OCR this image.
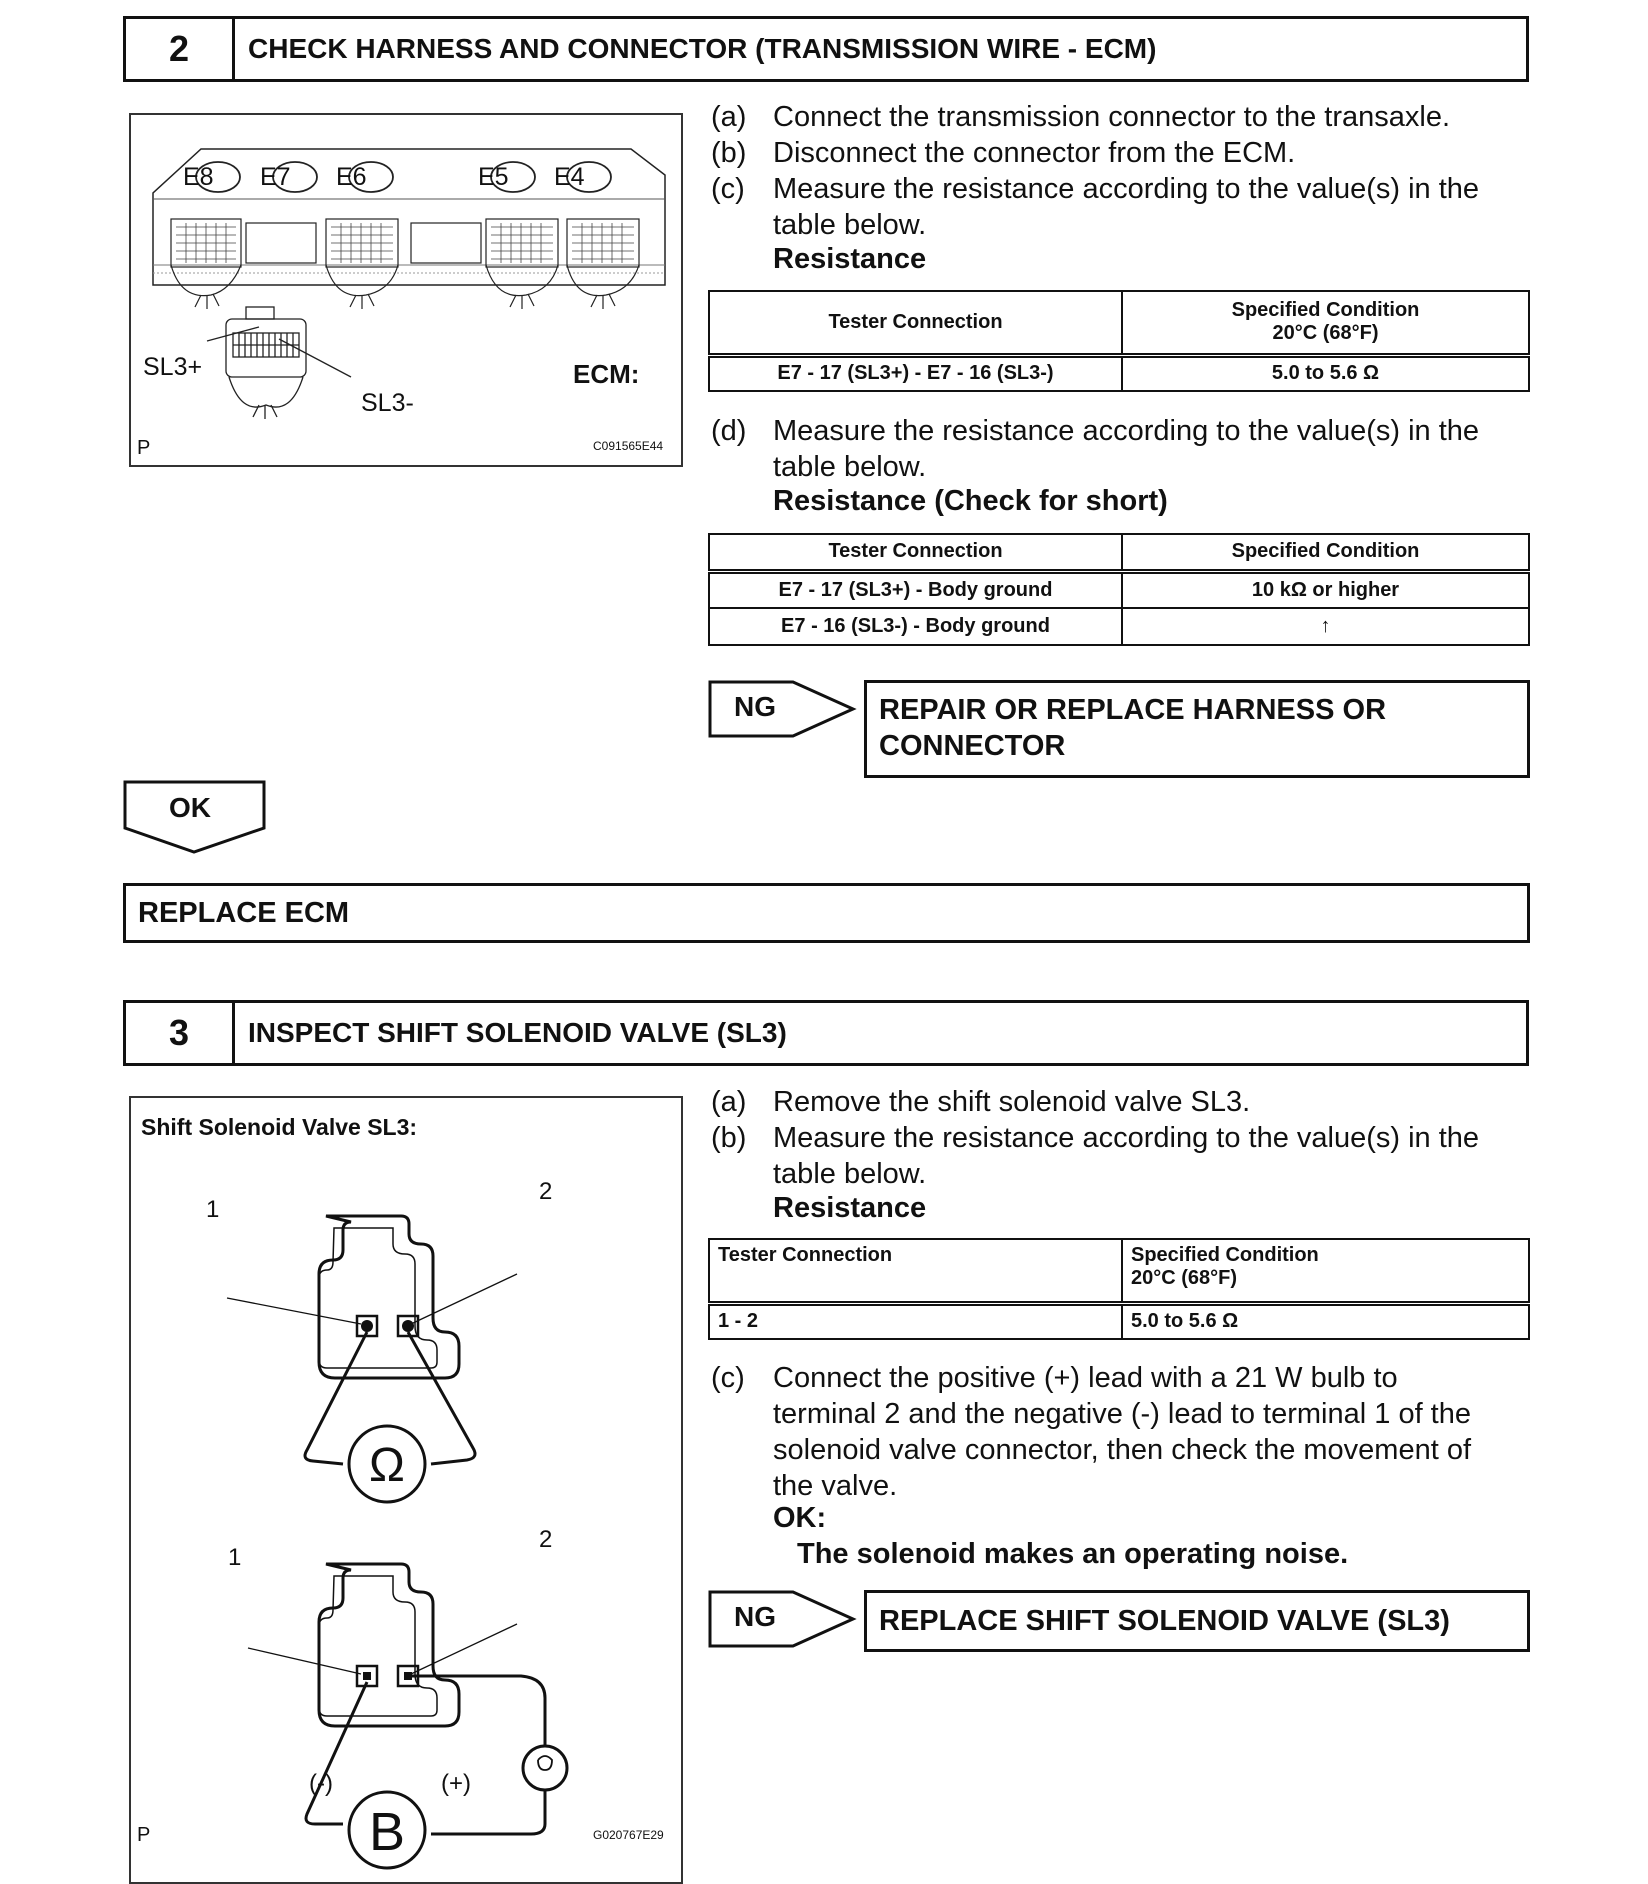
2	CHECK HARNESS AND CONNECTOR (TRANSMISSION WIRE - ECM)
E8 E7 E6	E5 E4
SL3+
SL3-
ECM:
P	C091565E44
(a) Connect the transmission connector to the transaxle.
(b) Disconnect the connector from the ECM.
(c) Measure the resistance according to the value(s) in the
table below.
Resistance
Tester Connection	Specified Condition
20°C (68°F)
E7 - 17 (SL3+) - E7 - 16 (SL3-)	5.0 to 5.6 Ω
(d) Measure the resistance according to the value(s) in the
table below.
Resistance (Check for short)
Tester Connection	Specified Condition
E7 - 17 (SL3+) - Body ground	10 kΩ or higher
E7 - 16 (SL3-) - Body ground	↑
NG	REPAIR OR REPLACE HARNESS OR
CONNECTOR
OK
REPLACE ECM
3	INSPECT SHIFT SOLENOID VALVE (SL3)
Shift Solenoid Valve SL3:
Ω
B
1
2
1
2
(-)	(+)
P	G020767E29
(a) Remove the shift solenoid valve SL3.
(b) Measure the resistance according to the value(s) in the
table below.
Resistance
Tester Connection	Specified Condition
20°C (68°F)
1 - 2	5.0 to 5.6 Ω
(c) Connect the positive (+) lead with a 21 W bulb to
terminal 2 and the negative (-) lead to terminal 1 of the
solenoid valve connector, then check the movement of
the valve.
OK:
The solenoid makes an operating noise.
NG	REPLACE SHIFT SOLENOID VALVE (SL3)
